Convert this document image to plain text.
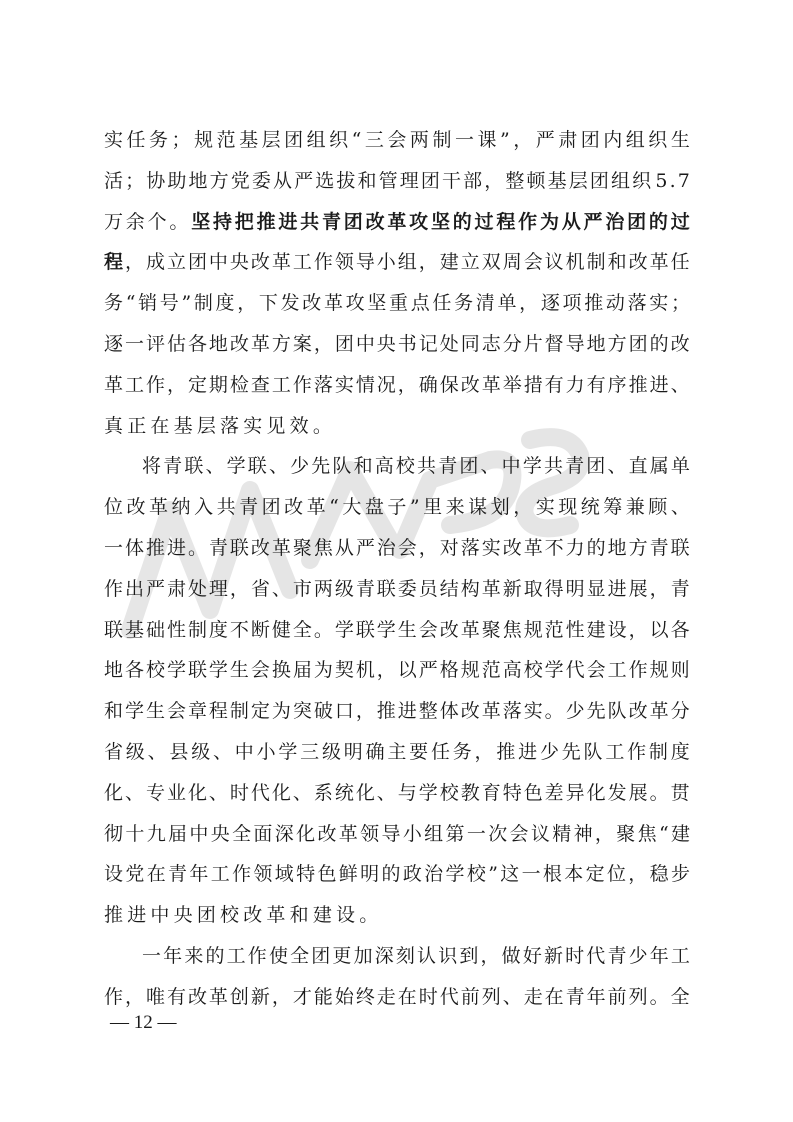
实 任 务 ； 规 范 基 层 团 组 织 “ 三 会 两 制 一 课 ” ， 严 肃 团 内 组 织 生
活 ； 协 助 地 方 党 委 从 严 选 拔 和 管 理 团 干 部 ， 整 顿 基 层 团 组 织 5 . 7
万 余 个 。 坚 持 把 推 进 共 青 团 改 革 攻 坚 的 过 程 作 为 从 严 治 团 的 过
程 ， 成 立 团 中 央 改 革 工 作 领 导 小 组 ， 建 立 双 周 会 议 机 制 和 改 革 任
务 “ 销 号 ” 制 度 ， 下 发 改 革 攻 坚 重 点 任 务 清 单 ， 逐 项 推 动 落 实 ；
逐 一 评 估 各 地 改 革 方 案 ， 团 中 央 书 记 处 同 志 分 片 督 导 地 方 团 的 改
革 工 作 ， 定 期 检 查 工 作 落 实 情 况 ， 确 保 改 革 举 措 有 力 有 序 推 进 、
真 正 在 基 层 落 实 见 效 。
将 青 联 、 学 联 、 少 先 队 和 高 校 共 青 团 、 中 学 共 青 团 、 直 属 单
位 改 革 纳 入 共 青 团 改 革 “ 大 盘 子 ” 里 来 谋 划 ， 实 现 统 筹 兼 顾 、
一 体 推 进 。 青 联 改 革 聚 焦 从 严 治 会 ， 对 落 实 改 革 不 力 的 地 方 青 联
作 出 严 肃 处 理 ， 省 、 市 两 级 青 联 委 员 结 构 革 新 取 得 明 显 进 展 ， 青
联 基 础 性 制 度 不 断 健 全 。 学 联 学 生 会 改 革 聚 焦 规 范 性 建 设 ， 以 各
地 各 校 学 联 学 生 会 换 届 为 契 机 ， 以 严 格 规 范 高 校 学 代 会 工 作 规 则
和 学 生 会 章 程 制 定 为 突 破 口 ， 推 进 整 体 改 革 落 实 。 少 先 队 改 革 分
省 级 、 县 级 、 中 小 学 三 级 明 确 主 要 任 务 ， 推 进 少 先 队 工 作 制 度
化 、 专 业 化 、 时 代 化 、 系 统 化 、 与 学 校 教 育 特 色 差 异 化 发 展 。 贯
彻 十 九 届 中 央 全 面 深 化 改 革 领 导 小 组 第 一 次 会 议 精 神 ， 聚 焦 “ 建
设 党 在 青 年 工 作 领 域 特 色 鲜 明 的 政 治 学 校 ” 这 一 根 本 定 位 ， 稳 步
推 进 中 央 团 校 改 革 和 建 设 。
一 年 来 的 工 作 使 全 团 更 加 深 刻 认 识 到 ， 做 好 新 时 代 青 少 年 工
作 ， 唯 有 改 革 创 新 ， 才 能 始 终 走 在 时 代 前 列 、 走 在 青 年 前 列 。 全
— 12 —
